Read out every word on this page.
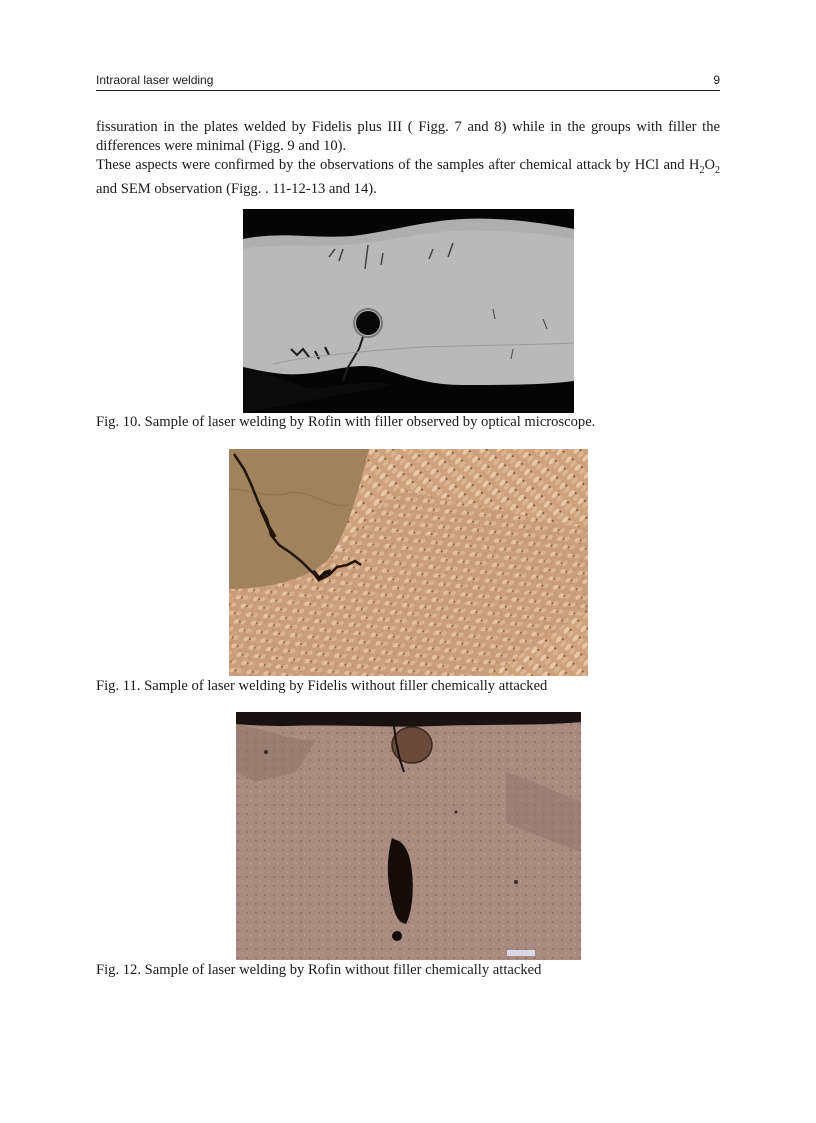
Intraoral laser welding	9

fissuration in the plates welded by Fidelis plus III ( Figg. 7 and 8) while in the groups with filler the differences were minimal (Figg. 9 and 10).

These aspects were confirmed by the observations of the samples after chemical attack by HCl and $H_2O_2$ and SEM observation (Figg. . 11-12-13 and 14).

Fig. 10. Sample of laser welding by Rofin with filler observed by optical microscope.
Fig. 11. Sample of laser welding by Fidelis without filler chemically attacked
Fig. 12. Sample of laser welding by Rofin without filler chemically attacked
